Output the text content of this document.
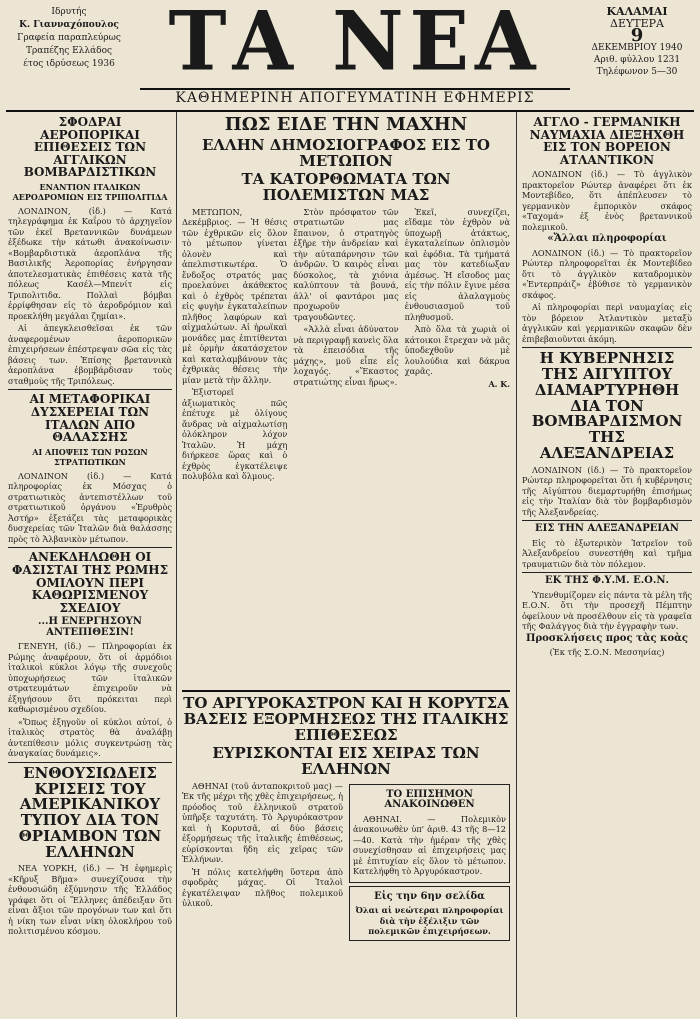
Ιδρυτής
Κ. Γιανναχόπουλος
Γραφεία παραπλεύρως
Τραπέζης Ελλάδος
έτος ιδρύσεως 1936 ΤΑ ΝΕΑ
ΚΑΘΗΜΕΡΙΝΗ ΑΠΟΓΕΥΜΑΤΙΝΗ ΕΦΗΜΕΡΙΣ
ΚΑΛΑΜΑΙ
ΔΕΥΤΕΡΑ
9
ΔΕΚΕΜΒΡΙΟΥ 1940
Αριθ. φύλλου 1231
Τηλέφωνον 5—30
ΣΦΟΔΡΑΙ ΑΕΡΟΠΟΡΙΚΑΙ ΕΠΙΘΕΣΕΙΣ ΤΩΝ ΑΓΓΛΙΚΩΝ ΒΟΜΒΑΡΔΙΣΤΙΚΩΝ
ΕΝΑΝΤΙΟΝ ΙΤΑΛΙΚΩΝ ΑΕΡΟΔΡΟΜΙΩΝ ΕΙΣ ΤΡΙΠΟΛΙΤΙΔΑ

ΛΟΝΔΙΝΟΝ, (ἰδ.) — Κατά τηλεγράφημα ἐκ Καΐρου τὸ ἀρχηγεῖον τῶν ἐκεῖ Βρεταννικῶν δυνάμεων ἐξέδωκε τὴν κάτωθι ἀνακοίνωσιν· «Βομβαρδιστικὰ ἀεροπλάνα τῆς Βασιλικῆς Ἀεροπορίας ἐνήργησαν ἀποτελεσματικὰς ἐπιθέσεις κατὰ τῆς πόλεως Κασέλ—Μπενίτ εἰς Τριπολιτιδα. Πολλαὶ βόμβαι ἐρρίφθησαν εἰς τὸ ἀεροδρόμιον καὶ προεκλήθη μεγάλαι ζημίαι».

Αἱ ἀπεγκλεισθεῖσαι ἐκ τῶν ἀναφερομένων ἀεροπορικῶν ἐπιχειρήσεων ἐπέστρεψαν σῶα εἰς τὰς βάσεις των. Ἐπίσης βρεταννικὰ ἀεροπλάνα ἐβομβάρδισαν τοὺς σταθμοὺς τῆς Τριπόλεως.

ΑΙ ΜΕΤΑΦΟΡΙΚΑΙ ΔΥΣΧΕΡΕΙΑΙ ΤΩΝ ΙΤΑΛΩΝ ΑΠΟ ΘΑΛΑΣΣΗΣ
ΑΙ ΑΠΟΨΕΙΣ ΤΩΝ ΡΩΣΩΝ ΣΤΡΑΤΙΩΤΙΚΩΝ

ΛΟΝΔΙΝΟΝ (ἰδ.) — Κατά πληροφορίας ἐκ Μόσχας ὁ στρατιωτικὸς ἀντεπιστέλλων τοῦ στρατιωτικοῦ ὀργάνου «Ἐρυθρὸς Ἀστήρ» ἐξετάζει τὰς μεταφορικὰς δυσχερείας τῶν Ἰταλῶν διὰ θαλάσσης πρὸς τὸ Ἀλβανικὸν μέτωπον.

ΑΝΕΚΔΗΛΩΘΗ ΟΙ ΦΑΣΙΣΤΑΙ ΤΗΣ ΡΩΜΗΣ ΟΜΙΛΟΥΝ ΠΕΡΙ ΚΑΘΩΡΙΣΜΕΝΟΥ ΣΧΕΔΙΟΥ
...Η ΕΝΕΡΓΗΣΟΥΝ ΑΝΤΕΠΙΘΕΣΙΝ!

ΓΕΝΕΥΗ, (ἰδ.) — Πληροφορίαι ἐκ Ρώμης ἀναφέρουν, ὅτι οἱ ἁρμόδιοι ἰταλικοὶ κύκλοι λόγῳ τῆς συνεχοῦς ὑποχωρήσεως τῶν ἰταλικῶν στρατευμάτων ἐπιχειροῦν νὰ ἐξηγήσουν ὅτι πρόκειται περὶ καθωρισμένου σχεδίου.

«Ὅπως ἐξηγοῦν οἱ κύκλοι αὐτοί, ὁ ἰταλικὸς στρατὸς θὰ ἀναλάβῃ ἀντεπίθεσιν μόλις συγκεντρώσῃ τὰς ἀναγκαίας δυνάμεις».

ΕΝΘΟΥΣΙΩΔΕΙΣ ΚΡΙΣΕΙΣ ΤΟΥ ΑΜΕΡΙΚΑΝΙΚΟΥ ΤΥΠΟΥ ΔΙΑ ΤΟΝ ΘΡΙΑΜΒΟΝ ΤΩΝ ΕΛΛΗΝΩΝ

ΝΕΑ ΥΟΡΚΗ, (ἰδ.) — Ἡ ἐφημερὶς «Κῆρυξ Βῆμα» συνεχίζουσα τὴν ἐνθουσιώδη ἐξύμνησιν τῆς Ἑλλάδος γράφει ὅτι οἱ Ἕλληνες ἀπέδειξαν ὅτι εἶναι ἄξιοι τῶν προγόνων των καὶ ὅτι ἡ νίκη των εἶναι νίκη ὁλοκλήρου τοῦ πολιτισμένου κόσμου.

ΠΩΣ ΕΙΔΕ ΤΗΝ ΜΑΧΗΝ
ΕΛΛΗΝ ΔΗΜΟΣΙΟΓΡΑΦΟΣ ΕΙΣ ΤΟ ΜΕΤΩΠΟΝ
ΤΑ ΚΑΤΟΡΘΩΜΑΤΑ ΤΩΝ ΠΟΛΕΜΙΣΤΩΝ ΜΑΣ

ΜΕΤΩΠΟΝ, Δεκέμβριος. — Ἡ θέσις τῶν ἐχθρικῶν εἰς ὅλον τὸ μέτωπον γίνεται ὁλονὲν καὶ ἀπελπιστικωτέρα. Ὁ ἔνδοξος στρατός μας προελαύνει ἀκάθεκτος καὶ ὁ ἐχθρὸς τρέπεται εἰς φυγὴν ἐγκαταλείπων πλῆθος λαφύρων καὶ αἰχμαλώτων. Αἱ ἡρωϊκαὶ μονάδες μας ἐπιτίθενται μὲ ὁρμὴν ἀκατάσχετον καὶ καταλαμβάνουν τὰς ἐχθρικὰς θέσεις τὴν μίαν μετὰ τὴν ἄλλην.

Ἐξιστορεῖ ἀξιωματικὸς πῶς ἐπέτυχε μὲ ὀλίγους ἄνδρας νὰ αἰχμαλωτίσῃ ὁλόκληρον λόχον Ἰταλῶν. Ἡ μάχη διήρκεσε ὥρας καὶ ὁ ἐχθρὸς ἐγκατέλειψε πολυβόλα καὶ ὅλμους.

Στὸν πρόσφατον τῶν στρατιωτῶν μας ἔπαινον, ὁ στρατηγὸς ἐξῆρε τὴν ἀνδρείαν καὶ τὴν αὐταπάρνησιν τῶν ἀνδρῶν. Ὁ καιρὸς εἶναι δύσκολος, τὰ χιόνια καλύπτουν τὰ βουνά, ἀλλ' οἱ φαντάροι μας προχωροῦν τραγουδῶντες.

«Ἀλλὰ εἶναι ἀδύνατον νὰ περιγραφῇ κανεὶς ὅλα τὰ ἐπεισόδια τῆς μάχης», μοῦ εἶπε εἷς λοχαγός. «Ἕκαστος στρατιώτης εἶναι ἥρως».

Ἐκεῖ, συνεχίζει, εἴδαμε τὸν ἐχθρὸν νὰ ὑποχωρῇ ἀτάκτως, ἐγκαταλείπων ὁπλισμὸν καὶ ἐφόδια. Τὰ τμήματά μας τὸν κατεδίωξαν ἀμέσως. Ἡ εἴσοδος μας εἰς τὴν πόλιν ἔγινε μέσα εἰς ἀλαλαγμοὺς ἐνθουσιασμοῦ τοῦ πληθυσμοῦ.

Ἀπὸ ὅλα τὰ χωριὰ οἱ κάτοικοι ἔτρεχαν νὰ μᾶς ὑποδεχθοῦν μὲ λουλούδια καὶ δάκρυα χαρᾶς.

Α. Κ.
ΤΟ ΑΡΓΥΡΟΚΑΣΤΡΟΝ ΚΑΙ Η ΚΟΡΥΤΣΑ ΒΑΣΕΙΣ ΕΞΟΡΜΗΣΕΩΣ ΤΗΣ ΙΤΑΛΙΚΗΣ ΕΠΙΘΕΣΕΩΣ
ΕΥΡΙΣΚΟΝΤΑΙ ΕΙΣ ΧΕΙΡΑΣ ΤΩΝ ΕΛΛΗΝΩΝ

ΑΘΗΝΑΙ (τοῦ ἀνταποκριτοῦ μας) — Ἐκ τῆς μέχρι τῆς χθὲς ἐπιχειρήσεως, ἡ πρόοδος τοῦ ἑλληνικοῦ στρατοῦ ὑπῆρξε ταχυτάτη. Τὸ Ἀργυρόκαστρον καὶ ἡ Κορυτσᾶ, αἱ δύο βάσεις ἐξορμήσεως τῆς ἰταλικῆς ἐπιθέσεως, εὑρίσκονται ἤδη εἰς χεῖρας τῶν Ἑλλήνων.

Ἡ πόλις κατελήφθη ὕστερα ἀπὸ σφοδρὰς μάχας. Οἱ Ἰταλοὶ ἐγκατέλειψαν πλῆθος πολεμικοῦ ὑλικοῦ.

ΤΟ ΕΠΙΣΗΜΟΝ ΑΝΑΚΟΙΝΩΘΕΝ

ΑΘΗΝΑΙ. — Πολεμικὸν ἀνακοινωθὲν ὑπ' ἀριθ. 43 τῆς 8—12—40. Κατὰ τὴν ἡμέραν τῆς χθὲς συνεχίσθησαν αἱ ἐπιχειρήσεις μας μὲ ἐπιτυχίαν εἰς ὅλον τὸ μέτωπον. Κατελήφθη τὸ Ἀργυρόκαστρον.

Εἰς την 6ην σελίδα
Όλαι αἱ νεώτεραι πληροφορίαι διὰ τὴν ἐξέλιξιν τῶν πολεμικῶν ἐπιχειρήσεων.
ΑΓΓΛΟ - ΓΕΡΜΑΝΙΚΗ ΝΑΥΜΑΧΙΑ ΔΙΕΞΗΧΘΗ ΕΙΣ ΤΟΝ ΒΟΡΕΙΟΝ ΑΤΛΑΝΤΙΚΟΝ

ΛΟΝΔΙΝΟΝ (ἰδ.) — Τὸ ἀγγλικὸν πρακτορεῖον Ρώυτερ ἀναφέρει ὅτι ἐκ Μοντεβίδεο, ὅτι ἀπέπλευσεν τὸ γερμανικὸν ἐμπορικὸν σκάφος «Ταχομά» ἐξ ἐνὸς βρεταννικοῦ πολεμικοῦ.

«Ἄλλαι πληροφορίαι

ΛΟΝΔΙΝΟΝ (ἰδ.) — Τὸ πρακτορεῖον Ρώυτερ πληροφορεῖται ἐκ Μοντεβίδεο ὅτι τὸ ἀγγλικὸν καταδρομικὸν «Ἐντερπράιζ» ἐβύθισε τὸ γερμανικὸν σκάφος.

Αἱ πληροφορίαι περὶ ναυμαχίας εἰς τὸν βόρειον Ἀτλαντικὸν μεταξὺ ἀγγλικῶν καὶ γερμανικῶν σκαφῶν δὲν ἐπιβεβαιοῦνται ἀκόμη.

Η ΚΥΒΕΡΝΗΣΙΣ ΤΗΣ ΑΙΓΥΠΤΟΥ ΔΙΑΜΑΡΤΥΡΗΘΗ ΔΙΑ ΤΟΝ ΒΟΜΒΑΡΔΙΣΜΟΝ ΤΗΣ ΑΛΕΞΑΝΔΡΕΙΑΣ

ΛΟΝΔΙΝΟΝ (ἰδ.) — Τὸ πρακτορεῖον Ρώυτερ πληροφορεῖται ὅτι ἡ κυβέρνησις τῆς Αἰγύπτου διεμαρτυρήθη ἐπισήμως εἰς τὴν Ἰταλίαν διὰ τὸν βομβαρδισμὸν τῆς Ἀλεξανδρείας.

ΕΙΣ ΤΗΝ ΑΛΕΞΑΝΔΡΕΙΑΝ

Εἰς τὸ ἐξωτερικὸν Ἰατρεῖον τοῦ Ἀλεξανδρείου συνεστήθη καὶ τμῆμα τραυματιῶν διὰ τὸν πόλεμον.

ΕΚ ΤΗΣ Φ.Υ.Μ. Ε.Ο.Ν.

Ὑπενθυμίζομεν εἰς πάντα τὰ μέλη τῆς Ε.Ο.Ν. ὅτι τὴν προσεχῆ Πέμπτην ὀφείλουν νὰ προσέλθουν εἰς τὰ γραφεῖα τῆς Φαλάγγος διὰ τὴν ἐγγραφὴν των.

Προσκλήσεις προς τὰς κοὰς
(Ἐκ τῆς Σ.Ο.Ν. Μεσσηνίας)
